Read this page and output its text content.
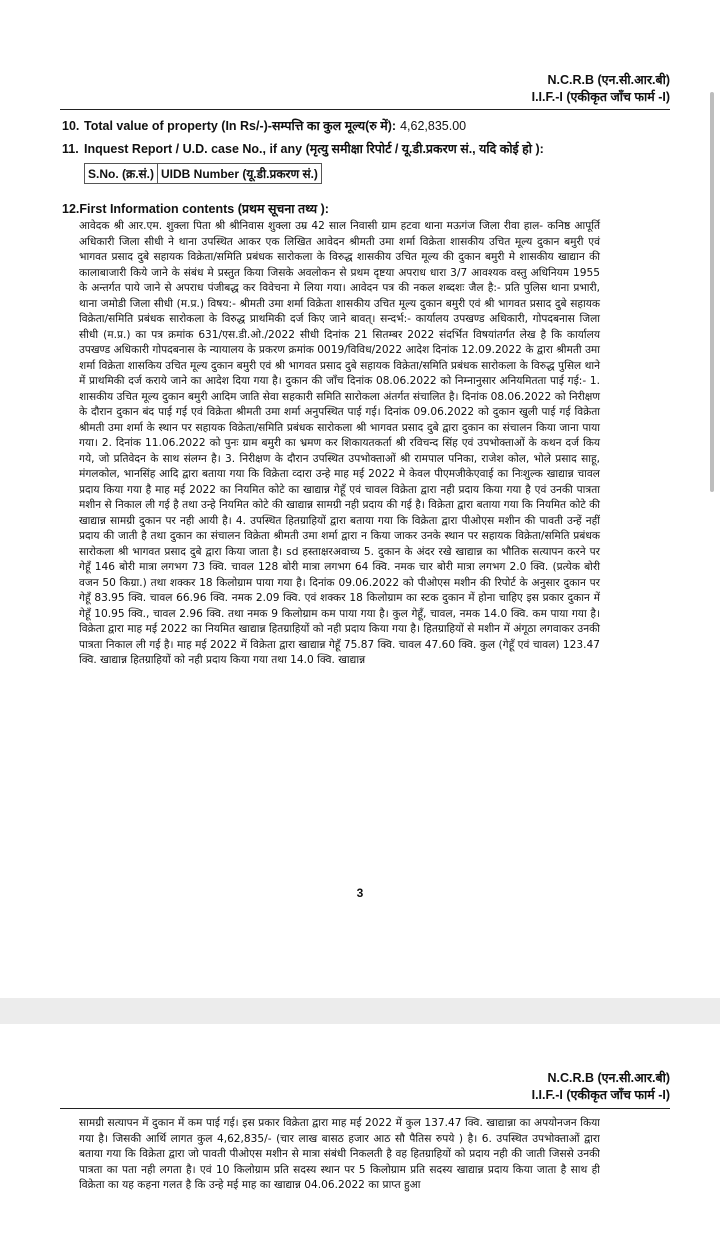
N.C.R.B (एन.सी.आर.बी)
I.I.F.-I (एकीकृत जाँच फार्म -I)
10. Total value of property (In Rs/-)-सम्पत्ति का कुल मूल्य(रु में): 4,62,835.00
11. Inquest Report / U.D. case No., if any (मृत्यु समीक्षा रिपोर्ट / यू.डी.प्रकरण सं., यदि कोई हो ):
S.No. (क्र.सं.)	UIDB Number (यू.डी.प्रकरण सं.)
12.First Information contents (प्रथम सूचना तथ्य ):
आवेदक श्री आर.एम. शुक्ला पिता श्री श्रीनिवास शुक्ला उम्र 42 साल निवासी ग्राम हटवा थाना मऊगंज जिला रीवा हाल- कनिष्ठ आपूर्ति अधिकारी जिला सीधी ने थाना उपस्थित आकर एक लिखित आवेदन श्रीमती उमा शर्मा विक्रेता शासकीय उचित मूल्य दुकान बमुरी एवं भागवत प्रसाद दुबे सहायक विक्रेता/समिति प्रबंधक सारोकला के विरुद्ध शासकीय उचित मूल्य की दुकान बमुरी मे शासकीय खाद्यान की कालाबाजारी किये जाने के संबंध मे प्रस्तुत किया जिसके अवलोकन से प्रथम दृष्टया अपराध धारा 3/7 आवश्यक वस्तु अधिनियम 1955 के अन्तर्गत पाये जाने से अपराध पंजीबद्ध कर विवेचना मे लिया गया। आवेदन पत्र की नकल शब्दशः जैल है:- प्रति पुलिस थाना प्रभारी, थाना जमोडी जिला सीधी (म.प्र.) विषय:- श्रीमती उमा शर्मा विक्रेता शासकीय उचित मूल्य दुकान बमुरी एवं श्री भागवत प्रसाद दुबे सहायक विक्रेता/समिति प्रबंधक सारोकला के विरुद्ध प्राथमिकी दर्ज किए जाने बावत्। सन्दर्भ:- कार्यालय उपखण्ड अधिकारी, गोपदबनास जिला सीधी (म.प्र.) का पत्र क्रमांक 631/एस.डी.ओ./2022 सीधी दिनांक 21 सितम्बर 2022 संदर्भित विषयांतर्गत लेख है कि कार्यालय उपखण्ड अधिकारी गोपदबनास के न्यायालय के प्रकरण क्रमांक 0019/विविध/2022 आदेश दिनांक 12.09.2022 के द्वारा श्रीमती उमा शर्मा विक्रेता शासकिय उचित मूल्य दुकान बमुरी एवं श्री भागवत प्रसाद दुबे सहायक विक्रेता/समिति प्रबंधक सारोकला के विरुद्ध पुसिल थाने में प्राथमिकी दर्ज कराये जाने का आदेश दिया गया है। दुकान की जाँच दिनांक 08.06.2022 को निम्नानुसार अनियमितता पाई गई:- 1. शासकीय उचित मूल्य दुकान बमुरी आदिम जाति सेवा सहकारी समिति सारोकला अंतर्गत संचालित है। दिनांक 08.06.2022 को निरीक्षण के दौरान दुकान बंद पाई गई एवं विक्रेता श्रीमती उमा शर्मा अनुपस्थित पाई गई। दिनांक 09.06.2022 को दुकान खुली पाई गई विक्रेता श्रीमती उमा शर्मा के स्थान पर सहायक विक्रेता/समिति प्रबंधक सारोकला श्री भागवत प्रसाद दुबे द्वारा दुकान का संचालन किया जाना पाया गया। 2. दिनांक 11.06.2022 को पुनः ग्राम बमुरी का भ्रमण कर शिकायतकर्ता श्री रविचन्द सिंह एवं उपभोक्ताओं के कथन दर्ज किय गये, जो प्रतिवेदन के साथ संलग्न है। 3. निरीक्षण के दौरान उपस्थित उपभोक्ताओं श्री रामपाल पनिका, राजेश कोल, भोले प्रसाद साहू, मंगलकोल, भानसिंह आदि द्वारा बताया गया कि विक्रेता व्दारा उन्हे माह मई 2022 मे केवल पीएमजीकेएवाई का निःशुल्क खाद्यान्न चावल प्रदाय किया गया है माह मई 2022 का नियमित कोटे का खाद्यान्न गेहूँ एवं चावल विक्रेता द्वारा नही प्रदाय किया गया है एवं उनकी पात्रता मशीन से निकाल ली गई है तथा उन्हे नियमित कोटे की खाद्यान्न सामग्री नही प्रदाय की गई है। विक्रेता द्वारा बताया गया कि नियमित कोटे की खाद्यान्न सामग्री दुकान पर नही आयी है। 4. उपस्थित हितग्राहियों द्वारा बताया गया कि विक्रेता द्वारा पीओएस मशीन की पावती उन्हें नहीं प्रदाय की जाती है तथा दुकान का संचालन विक्रेता श्रीमती उमा शर्मा द्वारा न किया जाकर उनके स्थान पर सहायक विक्रेता/समिति प्रबंधक सारोकला श्री भागवत प्रसाद दुबे द्वारा किया जाता है। sd हस्ताक्षरअवाच्य 5. दुकान के अंदर रखे खाद्यान्न का भौतिक सत्यापन करने पर गेहूँ 146 बोरी मात्रा लगभग 73 क्वि. चावल 128 बोरी मात्रा लगभग 64 क्वि. नमक चार बोरी मात्रा लगभग 2.0 क्वि. (प्रत्येक बोरी वजन 50 किग्रा.) तथा शक्कर 18 किलोग्राम पाया गया है। दिनांक 09.06.2022 को पीओएस मशीन की रिपोर्ट के अनुसार दुकान पर गेहूँ 83.95 क्वि. चावल 66.96 क्वि. नमक 2.09 क्वि. एवं शक्कर 18 किलोग्राम का स्टक दुकान में होना चाहिए इस प्रकार दुकान में गेहूँ 10.95 क्वि., चावल 2.96 क्वि. तथा नमक 9 किलोग्राम कम पाया गया है। कुल गेहूँ, चावल, नमक 14.0 क्वि. कम पाया गया है। विक्रेता द्वारा माह मई 2022 का नियमित खाद्यान्न हितग्राहियों को नही प्रदाय किया गया है। हितग्राहियों से मशीन में अंगूठा लगवाकर उनकी पात्रता निकाल ली गई है। माह मई 2022 में विक्रेता द्वारा खाद्यान्न गेहूँ 75.87 क्वि. चावल 47.60 क्वि. कुल (गेहूँ एवं चावल) 123.47 क्वि. खाद्यान्न हितग्राहियों को नही प्रदाय किया गया तथा 14.0 क्वि. खाद्यान्न
3
N.C.R.B (एन.सी.आर.बी)
I.I.F.-I (एकीकृत जाँच फार्म -I)
सामग्री सत्यापन में दुकान में कम पाई गई। इस प्रकार विक्रेता द्वारा माह मई 2022 में कुल 137.47 क्वि. खाद्यान्ना का अपयोनजन किया गया है। जिसकी आर्थि लागत कुल 4,62,835/- (चार लाख बासठ हजार आठ सौ पैतिस रुपये ) है। 6. उपस्थित उपभोक्ताओं द्वारा बताया गया कि विक्रेता द्वारा जो पावती पीओएस मशीन से मात्रा संबंधी निकलती है वह हितग्राहियों को प्रदाय नही की जाती जिससे उनकी पात्रता का पता नही लगता है। एवं 10 किलोग्राम प्रति सदस्य स्थान पर 5 किलोग्राम प्रति सदस्य खाद्यान्न प्रदाय किया जाता है साथ ही विक्रेता का यह कहना गलत है कि उन्हे मई माह का खाद्यान्न 04.06.2022 का प्राप्त हुआ
